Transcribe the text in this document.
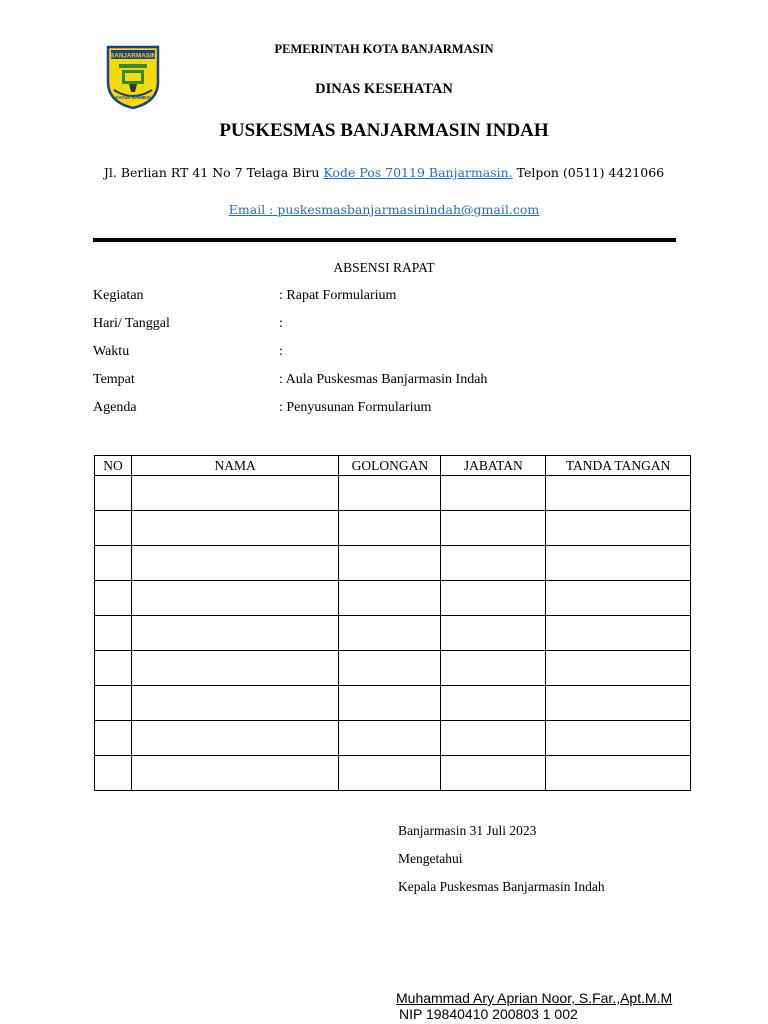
BANJARMASIN
KAYUH BAIMBAI
PEMERINTAH KOTA BANJARMASIN
DINAS KESEHATAN
PUSKESMAS BANJARMASIN INDAH
Jl. Berlian RT 41 No 7 Telaga Biru Kode Pos 70119 Banjarmasin. Telpon (0511) 4421066
Email : puskesmasbanjarmasinindah@gmail.com
ABSENSI RAPAT
Kegiatan	: Rapat Formularium
Hari/ Tanggal	:
Waktu	:
Tempat	: Aula Puskesmas Banjarmasin Indah
Agenda	: Penyusunan Formularium
NO	NAMA	GOLONGAN	JABATAN	TANDA TANGAN

Banjarmasin 31 Juli 2023
Mengetahui
Kepala Puskesmas Banjarmasin Indah
Muhammad Ary Aprian Noor, S.Far.,Apt.M.M
NIP 19840410 200803 1 002
